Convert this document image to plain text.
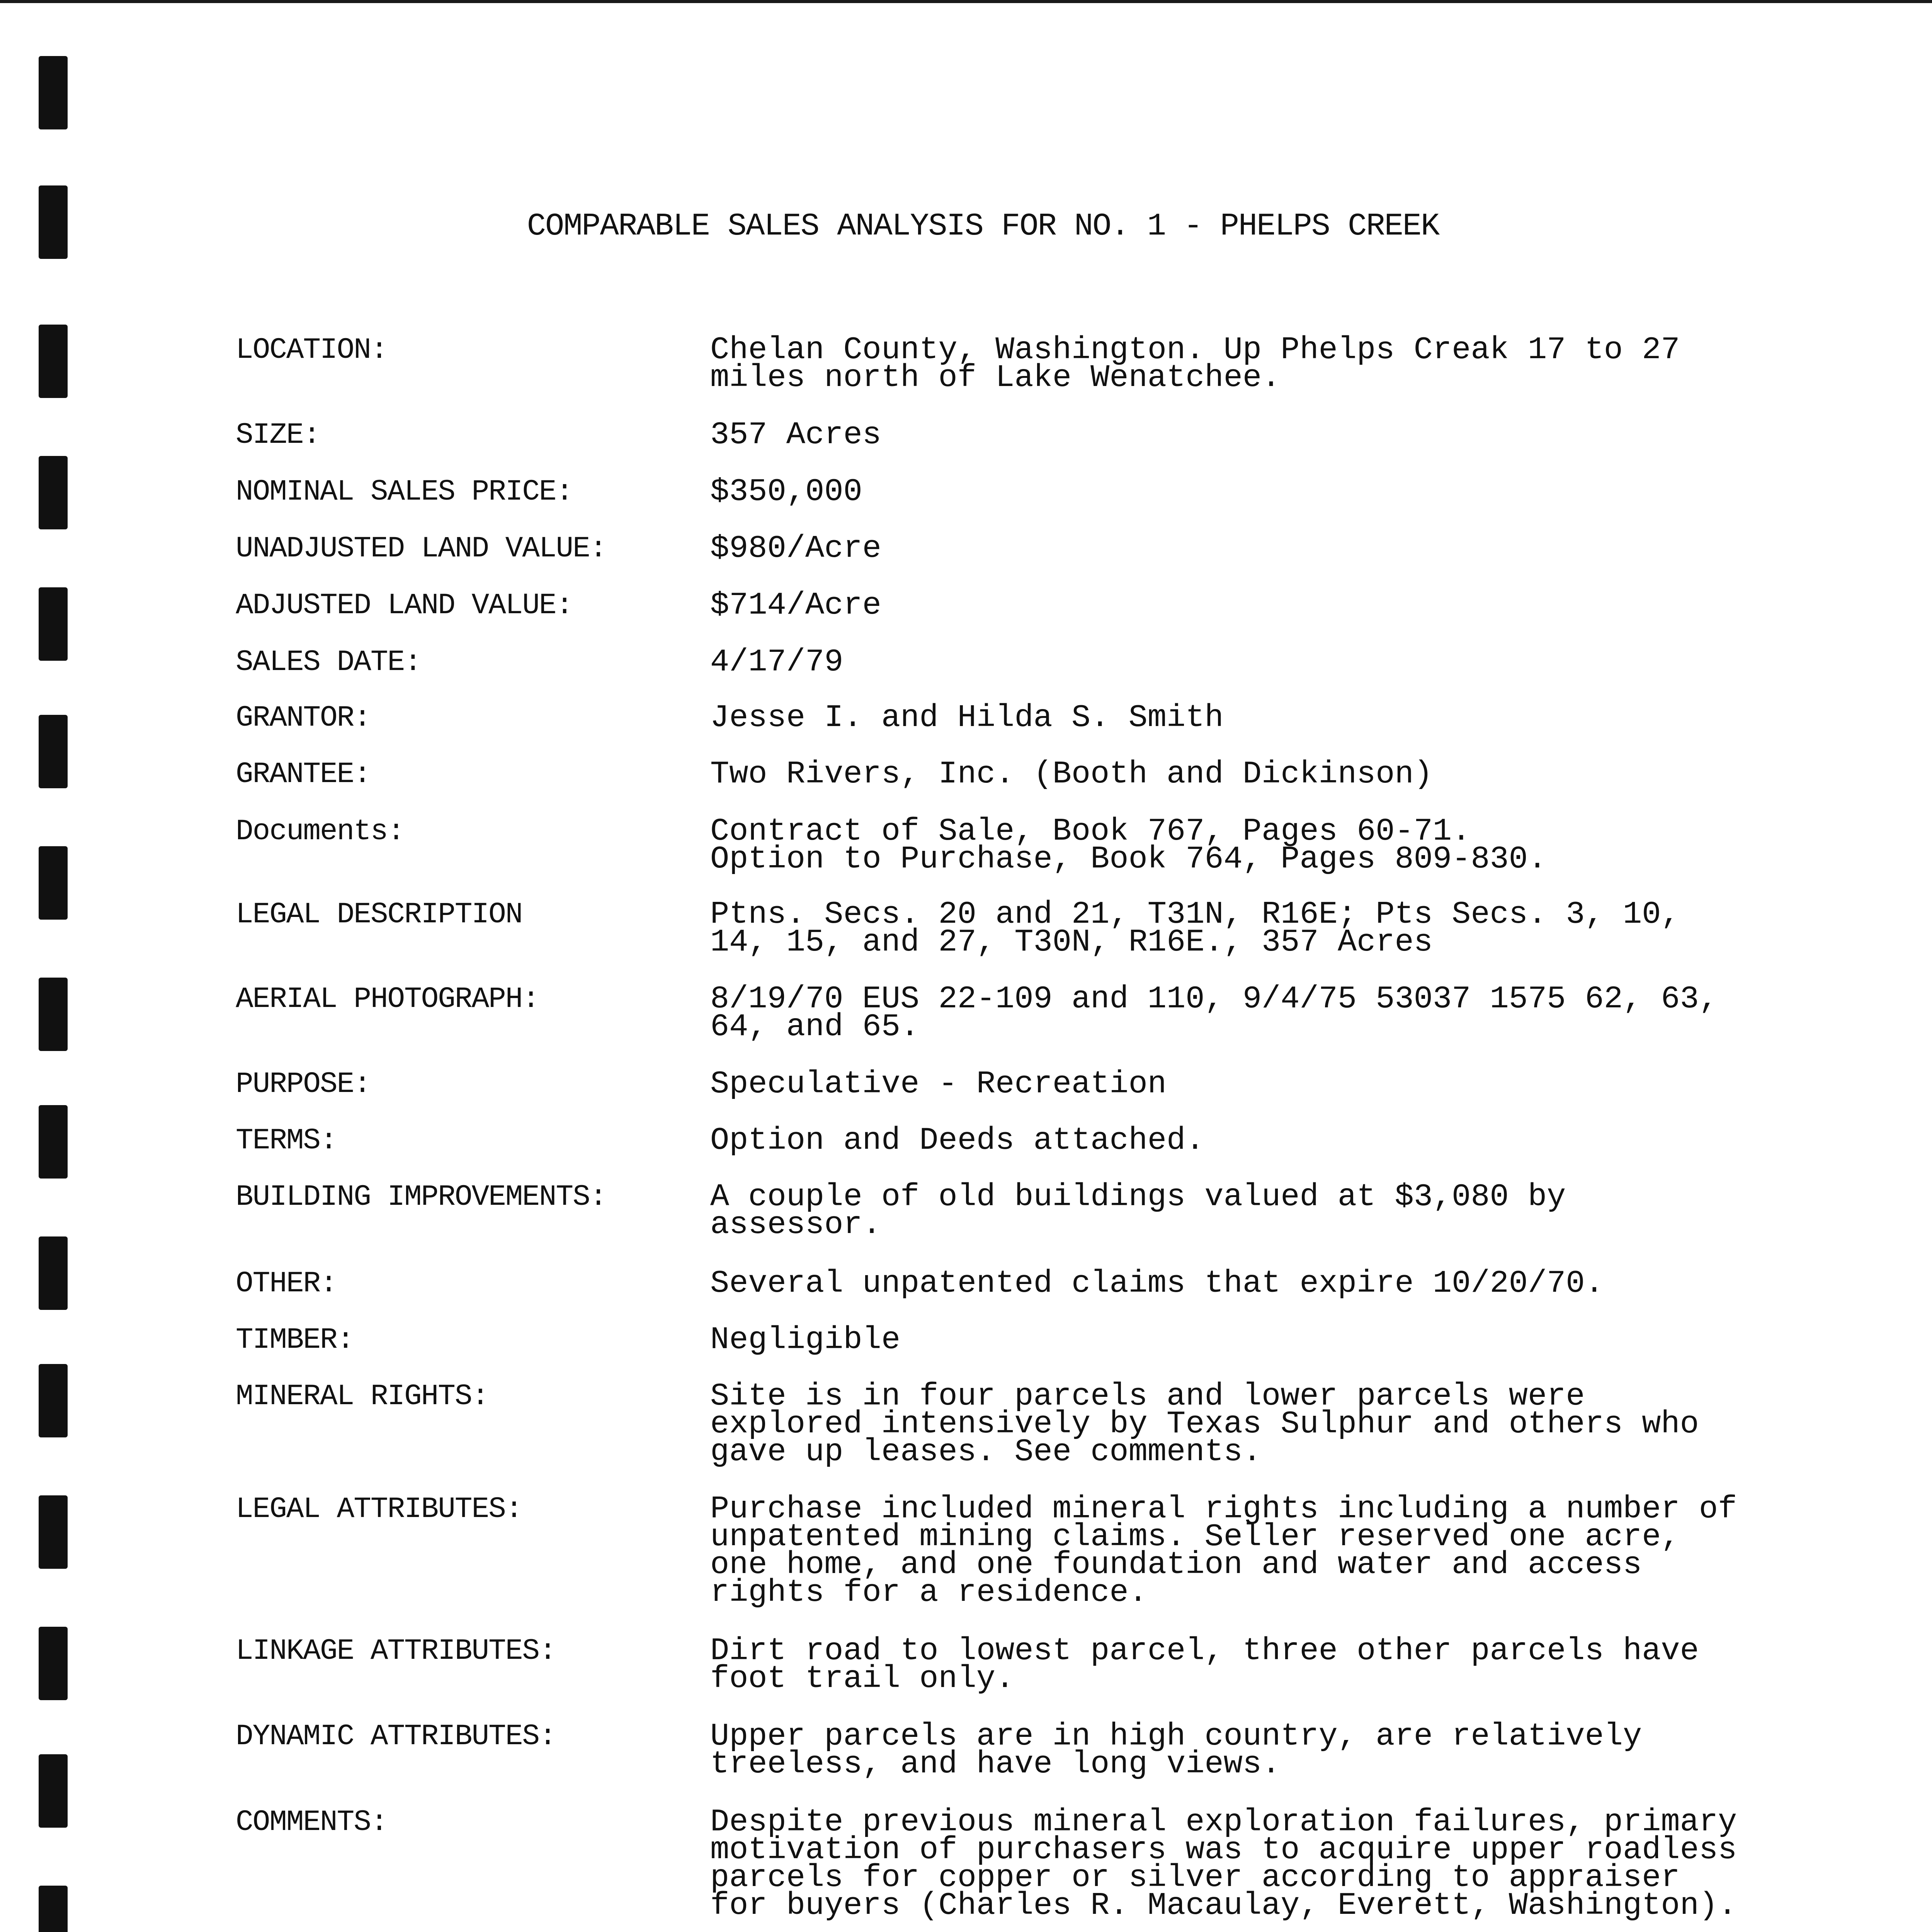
COMPARABLE SALES ANALYSIS FOR NO. 1 - PHELPS CREEK
LOCATION:	Chelan County, Washington. Up Phelps Creak 17 to 27
miles north of Lake Wenatchee.
SIZE:	357 Acres
NOMINAL SALES PRICE:	$350,000
UNADJUSTED LAND VALUE:	$980/Acre
ADJUSTED LAND VALUE:	$714/Acre
SALES DATE:	4/17/79
GRANTOR:	Jesse I. and Hilda S. Smith
GRANTEE:	Two Rivers, Inc. (Booth and Dickinson)
Documents:	Contract of Sale, Book 767, Pages 60-71.
Option to Purchase, Book 764, Pages 809-830.
LEGAL DESCRIPTION	Ptns. Secs. 20 and 21, T31N, R16E; Pts Secs. 3, 10,
14, 15, and 27, T30N, R16E., 357 Acres
AERIAL PHOTOGRAPH:	8/19/70 EUS 22-109 and 110, 9/4/75 53037 1575 62, 63,
64, and 65.
PURPOSE:	Speculative - Recreation
TERMS:	Option and Deeds attached.
BUILDING IMPROVEMENTS:	A couple of old buildings valued at $3,080 by
assessor.
OTHER:	Several unpatented claims that expire 10/20/70.
TIMBER:	Negligible
MINERAL RIGHTS:	Site is in four parcels and lower parcels were
explored intensively by Texas Sulphur and others who
gave up leases. See comments.
LEGAL ATTRIBUTES:	Purchase included mineral rights including a number of
unpatented mining claims. Seller reserved one acre,
one home, and one foundation and water and access
rights for a residence.
LINKAGE ATTRIBUTES:	Dirt road to lowest parcel, three other parcels have
foot trail only.
DYNAMIC ATTRIBUTES:	Upper parcels are in high country, are relatively
treeless, and have long views.
COMMENTS:	Despite previous mineral exploration failures, primary
motivation of purchasers was to acquire upper roadless
parcels for copper or silver according to appraiser
for buyers (Charles R. Macaulay, Everett, Washington).
